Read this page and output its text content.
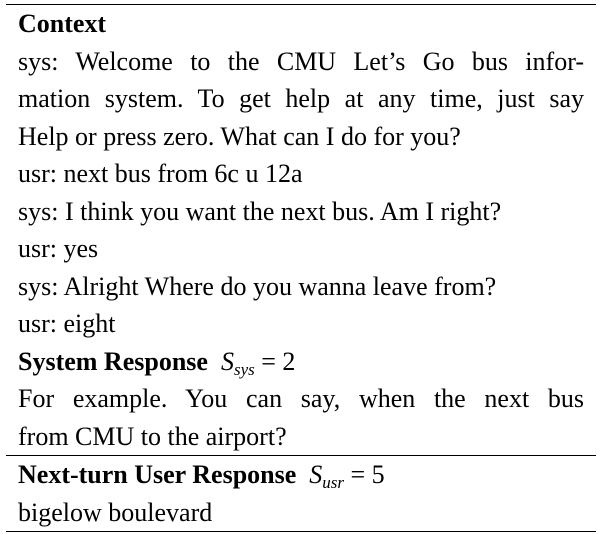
Context
sys: Welcome to the CMU Let’s Go bus infor-
mation system. To get help at any time, just say
Help or press zero. What can I do for you?
usr: next bus from 6c u 12a
sys: I think you want the next bus. Am I right?
usr: yes
sys: Alright Where do you wanna leave from?
usr: eight
System Response $S_{sys} = 2$
For example. You can say, when the next bus
from CMU to the airport?
Next-turn User Response $S_{usr} = 5$
bigelow boulevard
